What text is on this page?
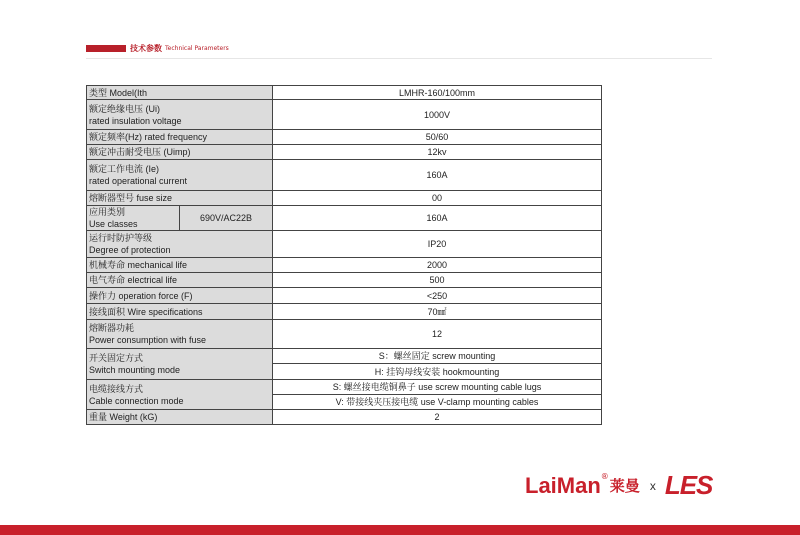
技术参数 Technical Parameters
类型 Model(Ith		LMHR-160/100mm

额定绝缘电压 (Ui)
rated insulation voltage		1000V
额定频率(Hz) rated frequency		50/60
额定冲击耐受电压 (Uimp)		12kv

额定工作电流 (Ie)
rated operational current		160A
熔断器型号 fuse size		00

应用类别
Use classes	690V/AC22B	160A

运行时防护等级
Degree of protection		IP20
机械寿命 mechanical life		2000
电气寿命 electrical life		500
操作力 operation force (F)		<250
接线面积 Wire specifications		70㎟

熔断器功耗
Power consumption with fuse		12

开关固定方式
Switch mounting mode		S：螺丝固定 screw mounting
		H: 挂钩母线安装 hookmounting

电缆接线方式
Cable connection mode		S: 螺丝接电缆铜鼻子 use screw mounting cable lugs
		V: 带接线夹压接电缆 use V-clamp mounting cables
重量 Weight (kG)		2
LaiMan ®
莱曼 x LES
